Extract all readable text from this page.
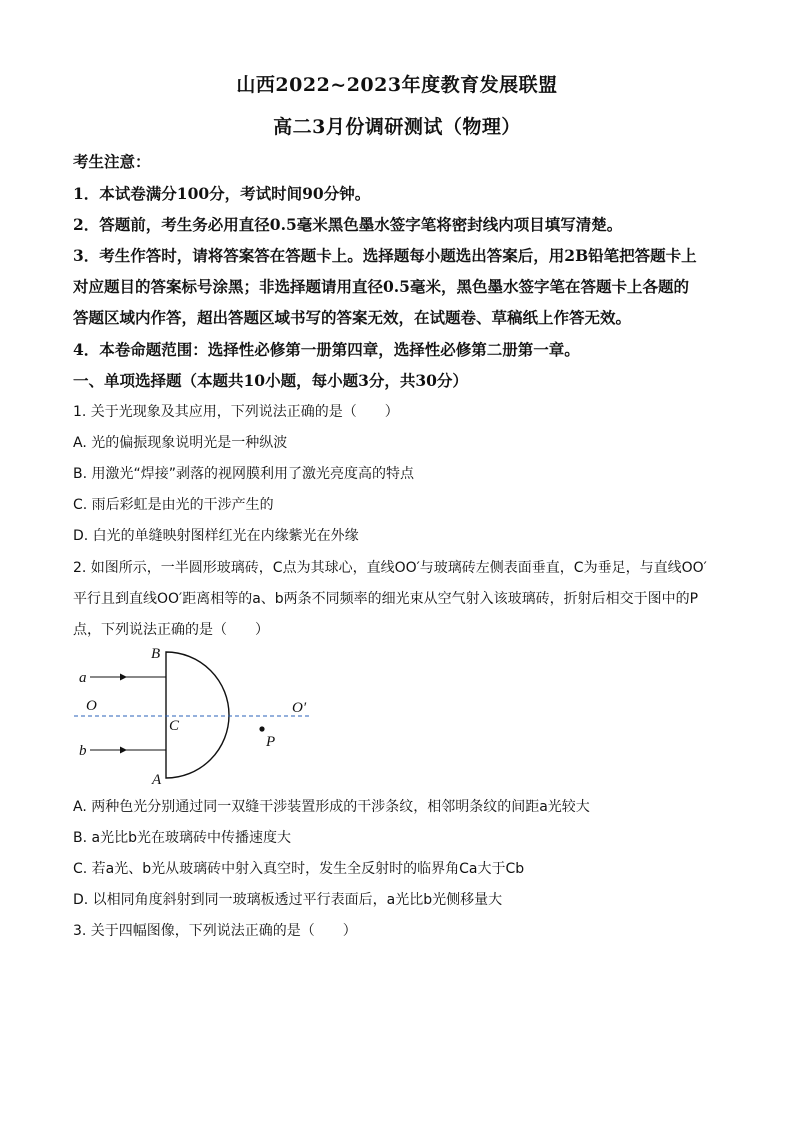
山西2022~2023年度教育发展联盟
高二3月份调研测试（物理）
考生注意：
1．本试卷满分100分，考试时间90分钟。
2．答题前，考生务必用直径0.5毫米黑色墨水签字笔将密封线内项目填写清楚。
3．考生作答时，请将答案答在答题卡上。选择题每小题选出答案后，用2B铅笔把答题卡上
对应题目的答案标号涂黑；非选择题请用直径0.5毫米，黑色墨水签字笔在答题卡上各题的
答题区域内作答，超出答题区域书写的答案无效，在试题卷、草稿纸上作答无效。
4．本卷命题范围：选择性必修第一册第四章，选择性必修第二册第一章。
一、单项选择题（本题共10小题，每小题3分，共30分）
1. 关于光现象及其应用，下列说法正确的是（　　）
A. 光的偏振现象说明光是一种纵波
B. 用激光“焊接”剥落的视网膜利用了激光亮度高的特点
C. 雨后彩虹是由光的干涉产生的
D. 白光的单缝映射图样红光在内缘紫光在外缘
2. 如图所示，一半圆形玻璃砖，C点为其球心，直线OO′与玻璃砖左侧表面垂直，C为垂足，与直线OO′
平行且到直线OO′距离相等的a、b两条不同频率的细光束从空气射入该玻璃砖，折射后相交于图中的P
点，下列说法正确的是（　　）
a
b
O	O′
B
A
C
P
A. 两种色光分别通过同一双缝干涉装置形成的干涉条纹，相邻明条纹的间距a光较大
B. a光比b光在玻璃砖中传播速度大
C. 若a光、b光从玻璃砖中射入真空时，发生全反射时的临界角Ca大于Cb
D. 以相同角度斜射到同一玻璃板透过平行表面后，a光比b光侧移量大
3. 关于四幅图像，下列说法正确的是（　　）
